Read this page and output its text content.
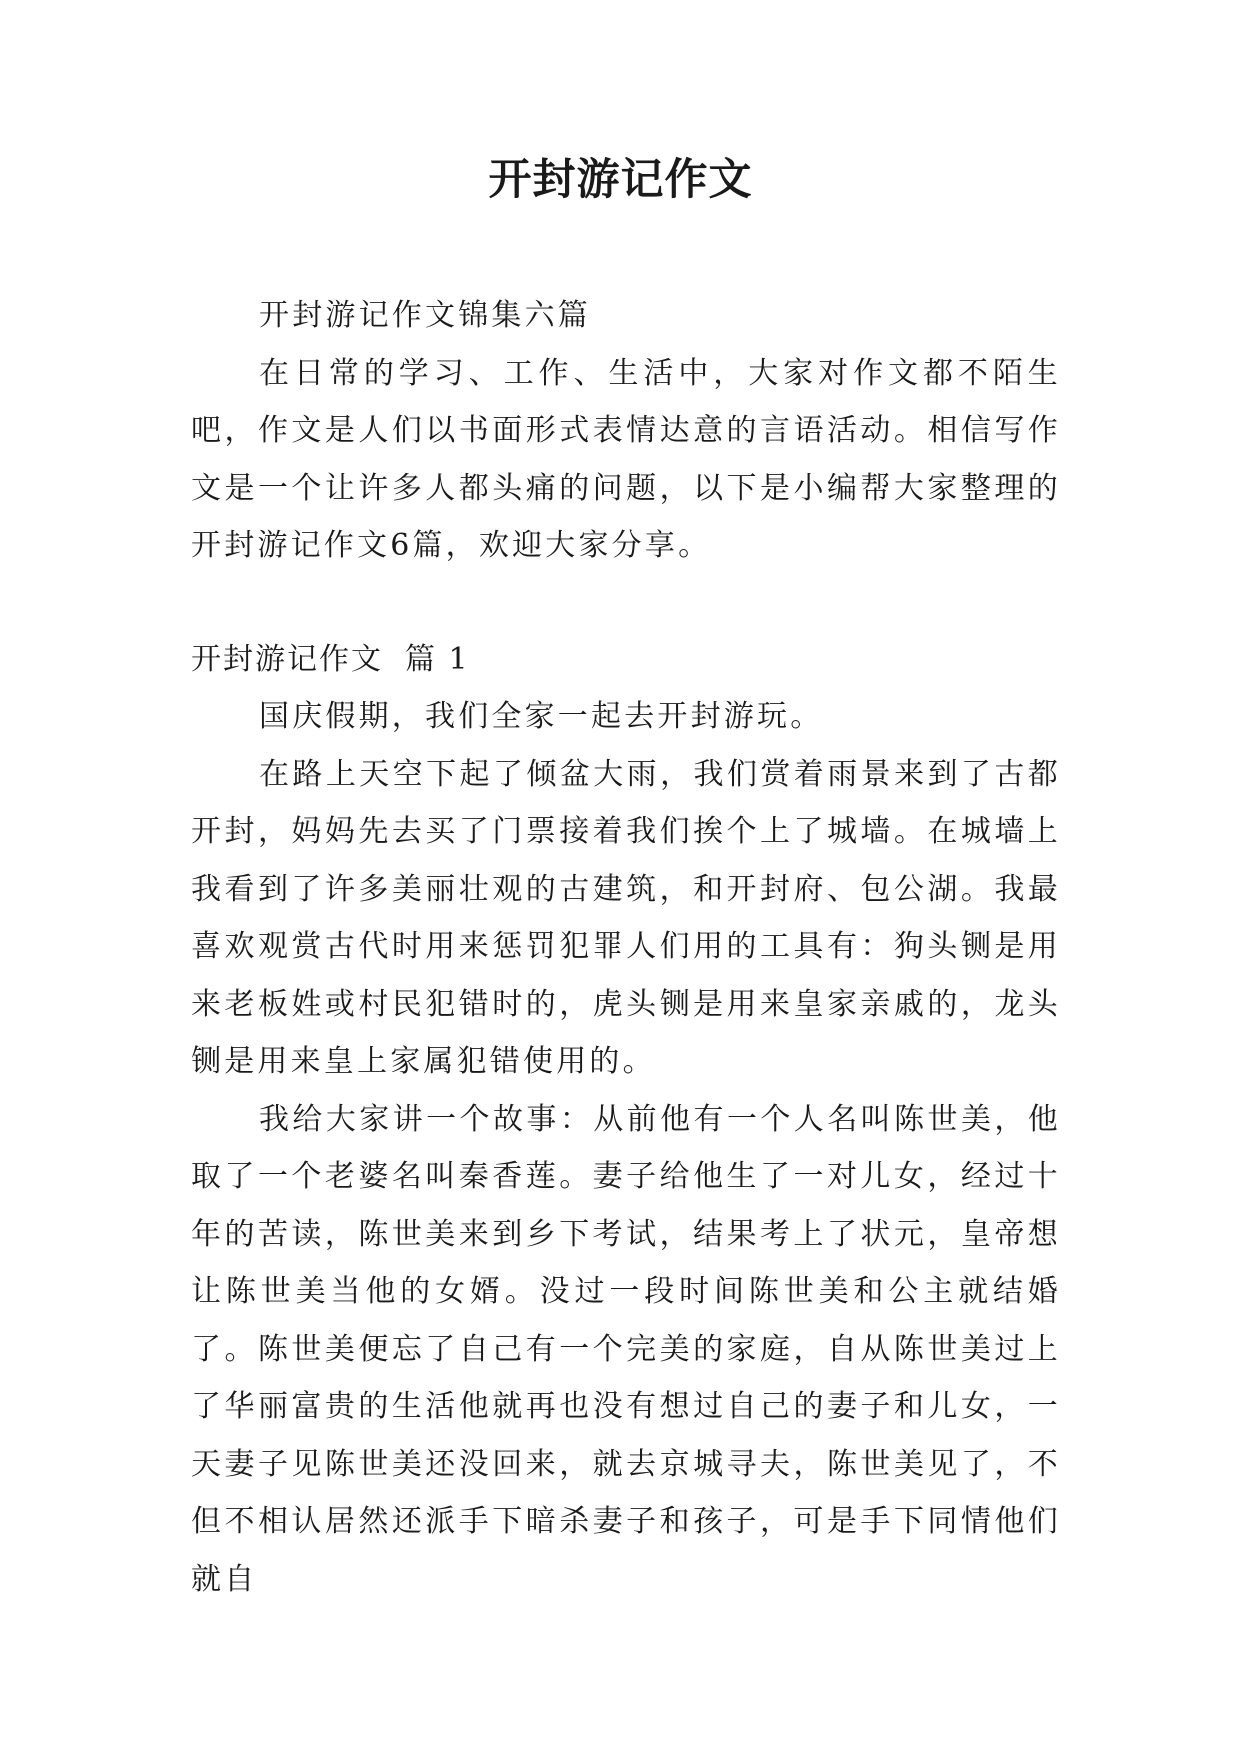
开封游记作文

开封游记作文锦集六篇

在日常的学习、工作、生活中，大家对作文都不陌生吧，作文是人们以书面形式表情达意的言语活动。相信写作文是一个让许多人都头痛的问题，以下是小编帮大家整理的开封游记作文6篇，欢迎大家分享。

开封游记作文 篇 1

国庆假期，我们全家一起去开封游玩。

在路上天空下起了倾盆大雨，我们赏着雨景来到了古都开封，妈妈先去买了门票接着我们挨个上了城墙。在城墙上我看到了许多美丽壮观的古建筑，和开封府、包公湖。我最喜欢观赏古代时用来惩罚犯罪人们用的工具有：狗头铡是用来老板姓或村民犯错时的，虎头铡是用来皇家亲戚的，龙头铡是用来皇上家属犯错使用的。

我给大家讲一个故事：从前他有一个人名叫陈世美，他取了一个老婆名叫秦香莲。妻子给他生了一对儿女，经过十年的苦读，陈世美来到乡下考试，结果考上了状元，皇帝想让陈世美当他的女婿。没过一段时间陈世美和公主就结婚了。陈世美便忘了自己有一个完美的家庭，自从陈世美过上了华丽富贵的生活他就再也没有想过自己的妻子和儿女，一天妻子见陈世美还没回来，就去京城寻夫，陈世美见了，不但不相认居然还派手下暗杀妻子和孩子，可是手下同情他们就自
